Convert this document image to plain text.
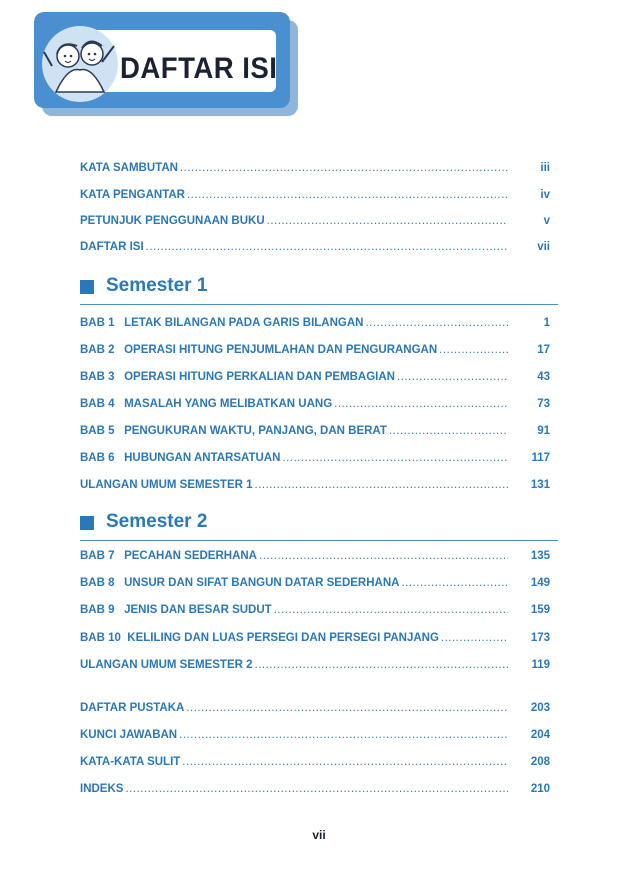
DAFTAR ISI
Semester 1
Semester 2
vii
KATA SAMBUTAN .....	iii
KATA PENGANTAR .....	iv
PETUNJUK PENGGUNAAN BUKU .....	v
DAFTAR ISI .....	vii
BAB 1   LETAK BILANGAN PADA GARIS BILANGAN .....	1
BAB 2   OPERASI HITUNG PENJUMLAHAN DAN PENGURANGAN .....	17
BAB 3   OPERASI HITUNG PERKALIAN DAN PEMBAGIAN .....	43
BAB 4   MASALAH YANG MELIBATKAN UANG .....	73
BAB 5   PENGUKURAN WAKTU, PANJANG, DAN BERAT .....	91
BAB 6   HUBUNGAN ANTARSATUAN .....	117
ULANGAN UMUM SEMESTER 1 .....	131
BAB 7   PECAHAN SEDERHANA .....	135
BAB 8   UNSUR DAN SIFAT BANGUN DATAR SEDERHANA .....	149
BAB 9   JENIS DAN BESAR SUDUT .....	159
BAB 10  KELILING DAN LUAS PERSEGI DAN PERSEGI PANJANG .....	173
ULANGAN UMUM SEMESTER 2 .....	119
DAFTAR PUSTAKA .....	203
KUNCI JAWABAN .....	204
KATA-KATA SULIT .....	208
INDEKS .....	210
